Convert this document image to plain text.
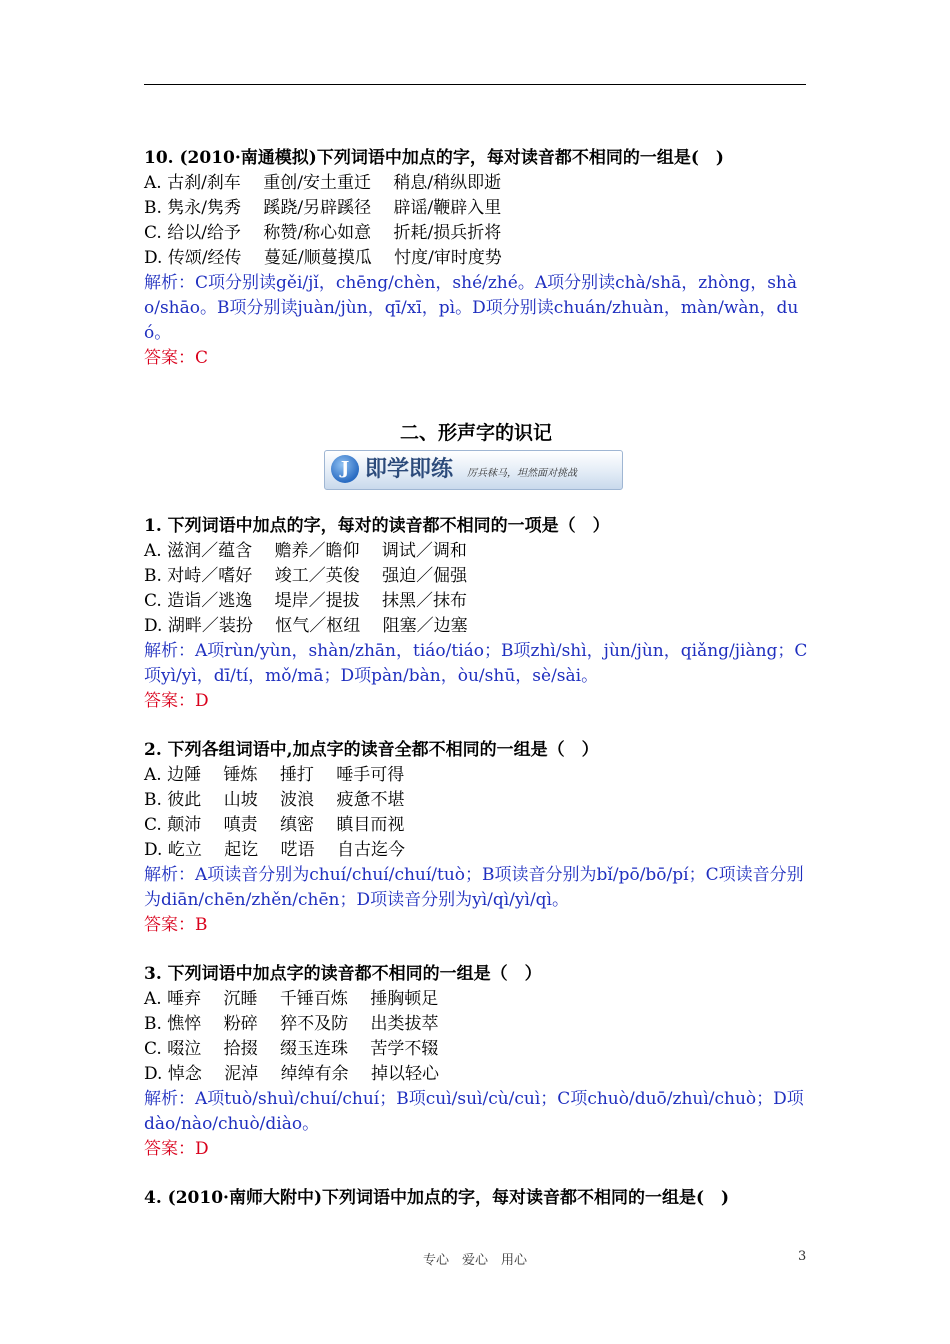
10. (2010·南通模拟)下列词语中加点的字，每对读音都不相同的一组是(　)
A. 古刹/刹车　 重创/安土重迁　 稍息/稍纵即逝
B. 隽永/隽秀　 蹊跷/另辟蹊径　 辟谣/鞭辟入里
C. 给以/给予　 称赞/称心如意　 折耗/损兵折将
D. 传颂/经传　 蔓延/顺蔓摸瓜　 忖度/审时度势
解析：C项分别读gěi/jǐ，chēng/chèn，shé/zhé。A项分别读chà/shā，zhòng，shào/shāo。B项分别读juàn/jùn，qī/xī，pì。D项分别读chuán/zhuàn，màn/wàn，duó。
答案：C
二、形声字的识记
J 即学即练 厉兵秣马，坦然面对挑战
1. 下列词语中加点的字，每对的读音都不相同的一项是（　）
A. 滋润／蕴含　 赡养／瞻仰　 调试／调和
B. 对峙／嗜好　 竣工／英俊　 强迫／倔强
C. 造诣／逃逸　 堤岸／提拔　 抹黑／抹布
D. 湖畔／装扮　 怄气／枢纽　 阻塞／边塞
解析：A项rùn/yùn，shàn/zhān，tiáo/tiáo；B项zhì/shì，jùn/jùn，qiǎng/jiàng；C项yì/yì，dī/tí，mǒ/mā；D项pàn/bàn，òu/shū，sè/sài。
答案：D
2. 下列各组词语中,加点字的读音全都不相同的一组是（　）
A. 边陲　 锤炼　 捶打　 唾手可得
B. 彼此　 山坡　 波浪　 疲惫不堪
C. 颠沛　 嗔责　 缜密　 瞋目而视
D. 屹立　 起讫　 呓语　 自古迄今
解析：A项读音分别为chuí/chuí/chuí/tuò；B项读音分别为bǐ/pō/bō/pí；C项读音分别为diān/chēn/zhěn/chēn；D项读音分别为yì/qì/yì/qì。
答案：B
3. 下列词语中加点字的读音都不相同的一组是（　）
A. 唾弃　 沉睡　 千锤百炼　 捶胸顿足
B. 憔悴　 粉碎　 猝不及防　 出类拔萃
C. 啜泣　 拾掇　 缀玉连珠　 苦学不辍
D. 悼念　 泥淖　 绰绰有余　 掉以轻心
解析：A项tuò/shuì/chuí/chuí；B项cuì/suì/cù/cuì；C项chuò/duō/zhuì/chuò；D项dào/nào/chuò/diào。
答案：D
4. (2010·南师大附中)下列词语中加点的字，每对读音都不相同的一组是(　)
专心　爱心　用心	3
